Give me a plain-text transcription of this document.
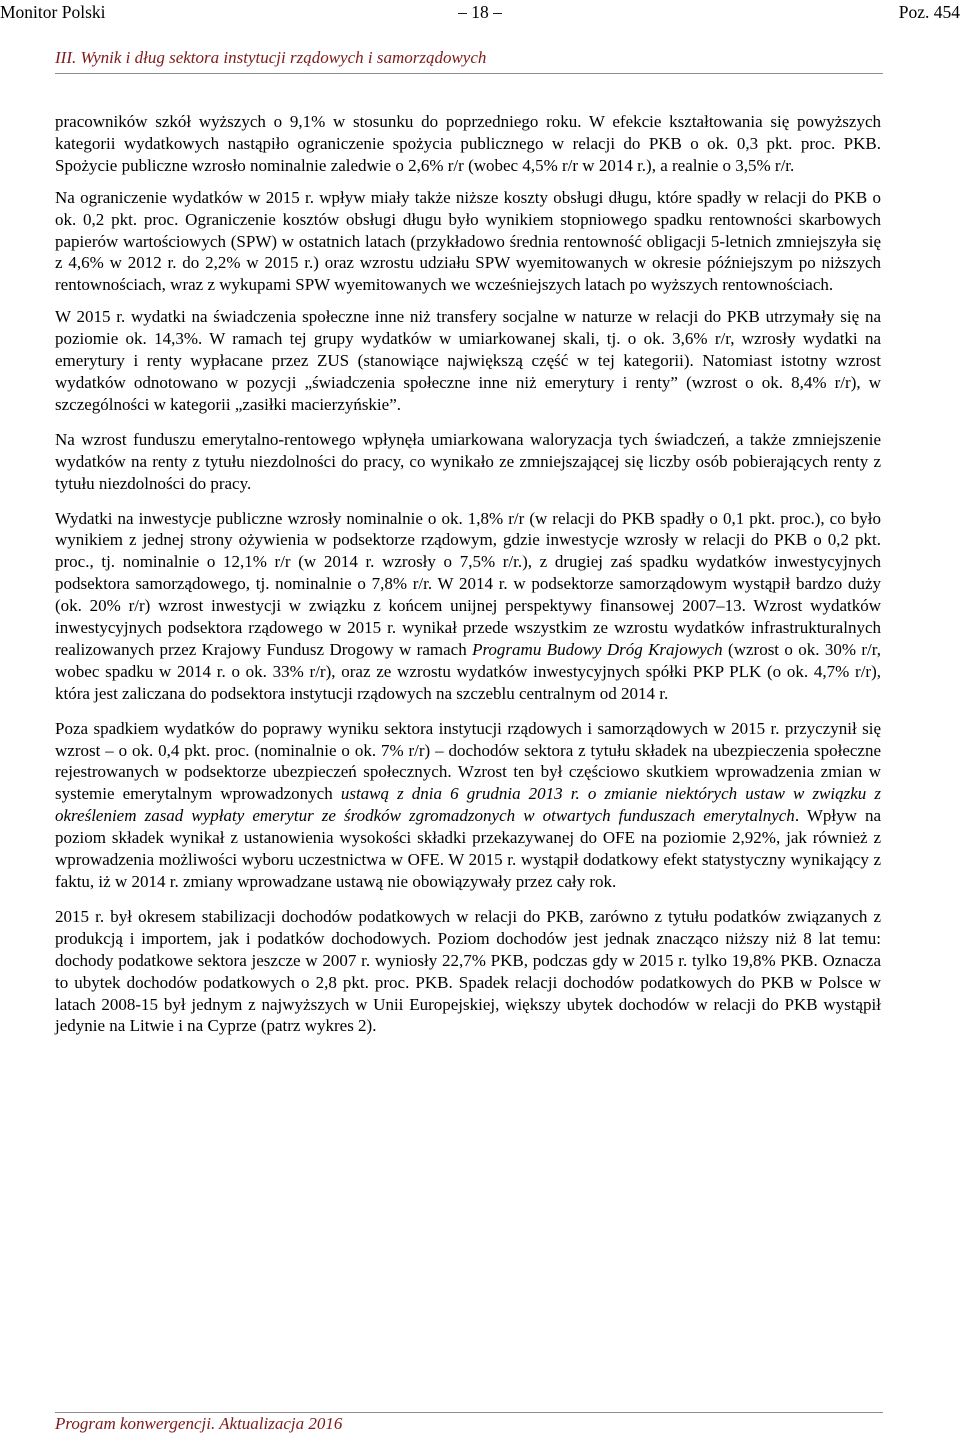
– 18 –
Monitor Polski	Poz. 454
III. Wynik i dług sektora instytucji rządowych i samorządowych

pracowników szkół wyższych o 9,1% w stosunku do poprzedniego roku. W efekcie kształtowania się powyższych kategorii wydatkowych nastąpiło ograniczenie spożycia publicznego w relacji do PKB o ok. 0,3 pkt. proc. PKB. Spożycie publiczne wzrosło nominalnie zaledwie o 2,6% r/r (wobec 4,5% r/r w 2014 r.), a realnie o 3,5% r/r.

Na ograniczenie wydatków w 2015 r. wpływ miały także niższe koszty obsługi długu, które spadły w relacji do PKB o ok. 0,2 pkt. proc. Ograniczenie kosztów obsługi długu było wynikiem stopniowego spadku rentowności skarbowych papierów wartościowych (SPW) w ostatnich latach (przykładowo średnia rentowność obligacji 5-letnich zmniejszyła się z 4,6% w 2012 r. do 2,2% w 2015 r.) oraz wzrostu udziału SPW wyemitowanych w okresie późniejszym po niższych rentownościach, wraz z wykupami SPW wyemitowanych we wcześniejszych latach po wyższych rentownościach.

W 2015 r. wydatki na świadczenia społeczne inne niż transfery socjalne w naturze w relacji do PKB utrzymały się na poziomie ok. 14,3%. W ramach tej grupy wydatków w umiarkowanej skali, tj. o ok. 3,6% r/r, wzrosły wydatki na emerytury i renty wypłacane przez ZUS (stanowiące największą część w tej kategorii). Natomiast istotny wzrost wydatków odnotowano w pozycji „świadczenia społeczne inne niż emerytury i renty” (wzrost o ok. 8,4% r/r), w szczególności w kategorii „zasiłki macierzyńskie”.

Na wzrost funduszu emerytalno-rentowego wpłynęła umiarkowana waloryzacja tych świadczeń, a także zmniejszenie wydatków na renty z tytułu niezdolności do pracy, co wynikało ze zmniejszającej się liczby osób pobierających renty z tytułu niezdolności do pracy.

Wydatki na inwestycje publiczne wzrosły nominalnie o ok. 1,8% r/r (w relacji do PKB spadły o 0,1 pkt. proc.), co było wynikiem z jednej strony ożywienia w podsektorze rządowym, gdzie inwestycje wzrosły w relacji do PKB o 0,2 pkt. proc., tj. nominalnie o 12,1% r/r (w 2014 r. wzrosły o 7,5% r/r.), z drugiej zaś spadku wydatków inwestycyjnych podsektora samorządowego, tj. nominalnie o 7,8% r/r. W 2014 r. w podsektorze samorządowym wystąpił bardzo duży (ok. 20% r/r) wzrost inwestycji w związku z końcem unijnej perspektywy finansowej 2007–13. Wzrost wydatków inwestycyjnych podsektora rządowego w 2015 r. wynikał przede wszystkim ze wzrostu wydatków infrastrukturalnych realizowanych przez Krajowy Fundusz Drogowy w ramach Programu Budowy Dróg Krajowych (wzrost o ok. 30% r/r, wobec spadku w 2014 r. o ok. 33% r/r), oraz ze wzrostu wydatków inwestycyjnych spółki PKP PLK (o ok. 4,7% r/r), która jest zaliczana do podsektora instytucji rządowych na szczeblu centralnym od 2014 r.

Poza spadkiem wydatków do poprawy wyniku sektora instytucji rządowych i samorządowych w 2015 r. przyczynił się wzrost – o ok. 0,4 pkt. proc. (nominalnie o ok. 7% r/r) – dochodów sektora z tytułu składek na ubezpieczenia społeczne rejestrowanych w podsektorze ubezpieczeń społecznych. Wzrost ten był częściowo skutkiem wprowadzenia zmian w systemie emerytalnym wprowadzonych ustawą z dnia 6 grudnia 2013 r. o zmianie niektórych ustaw w związku z określeniem zasad wypłaty emerytur ze środków zgromadzonych w otwartych funduszach emerytalnych. Wpływ na poziom składek wynikał z ustanowienia wysokości składki przekazywanej do OFE na poziomie 2,92%, jak również z wprowadzenia możliwości wyboru uczestnictwa w OFE. W 2015 r. wystąpił dodatkowy efekt statystyczny wynikający z faktu, iż w 2014 r. zmiany wprowadzane ustawą nie obowiązywały przez cały rok.

2015 r. był okresem stabilizacji dochodów podatkowych w relacji do PKB, zarówno z tytułu podatków związanych z produkcją i importem, jak i podatków dochodowych. Poziom dochodów jest jednak znacząco niższy niż 8 lat temu: dochody podatkowe sektora jeszcze w 2007 r. wyniosły 22,7% PKB, podczas gdy w 2015 r. tylko 19,8% PKB. Oznacza to ubytek dochodów podatkowych o 2,8 pkt. proc. PKB. Spadek relacji dochodów podatkowych do PKB w Polsce w latach 2008-15 był jednym z najwyższych w Unii Europejskiej, większy ubytek dochodów w relacji do PKB wystąpił jedynie na Litwie i na Cyprze (patrz wykres 2).

Program konwergencji. Aktualizacja 2016
